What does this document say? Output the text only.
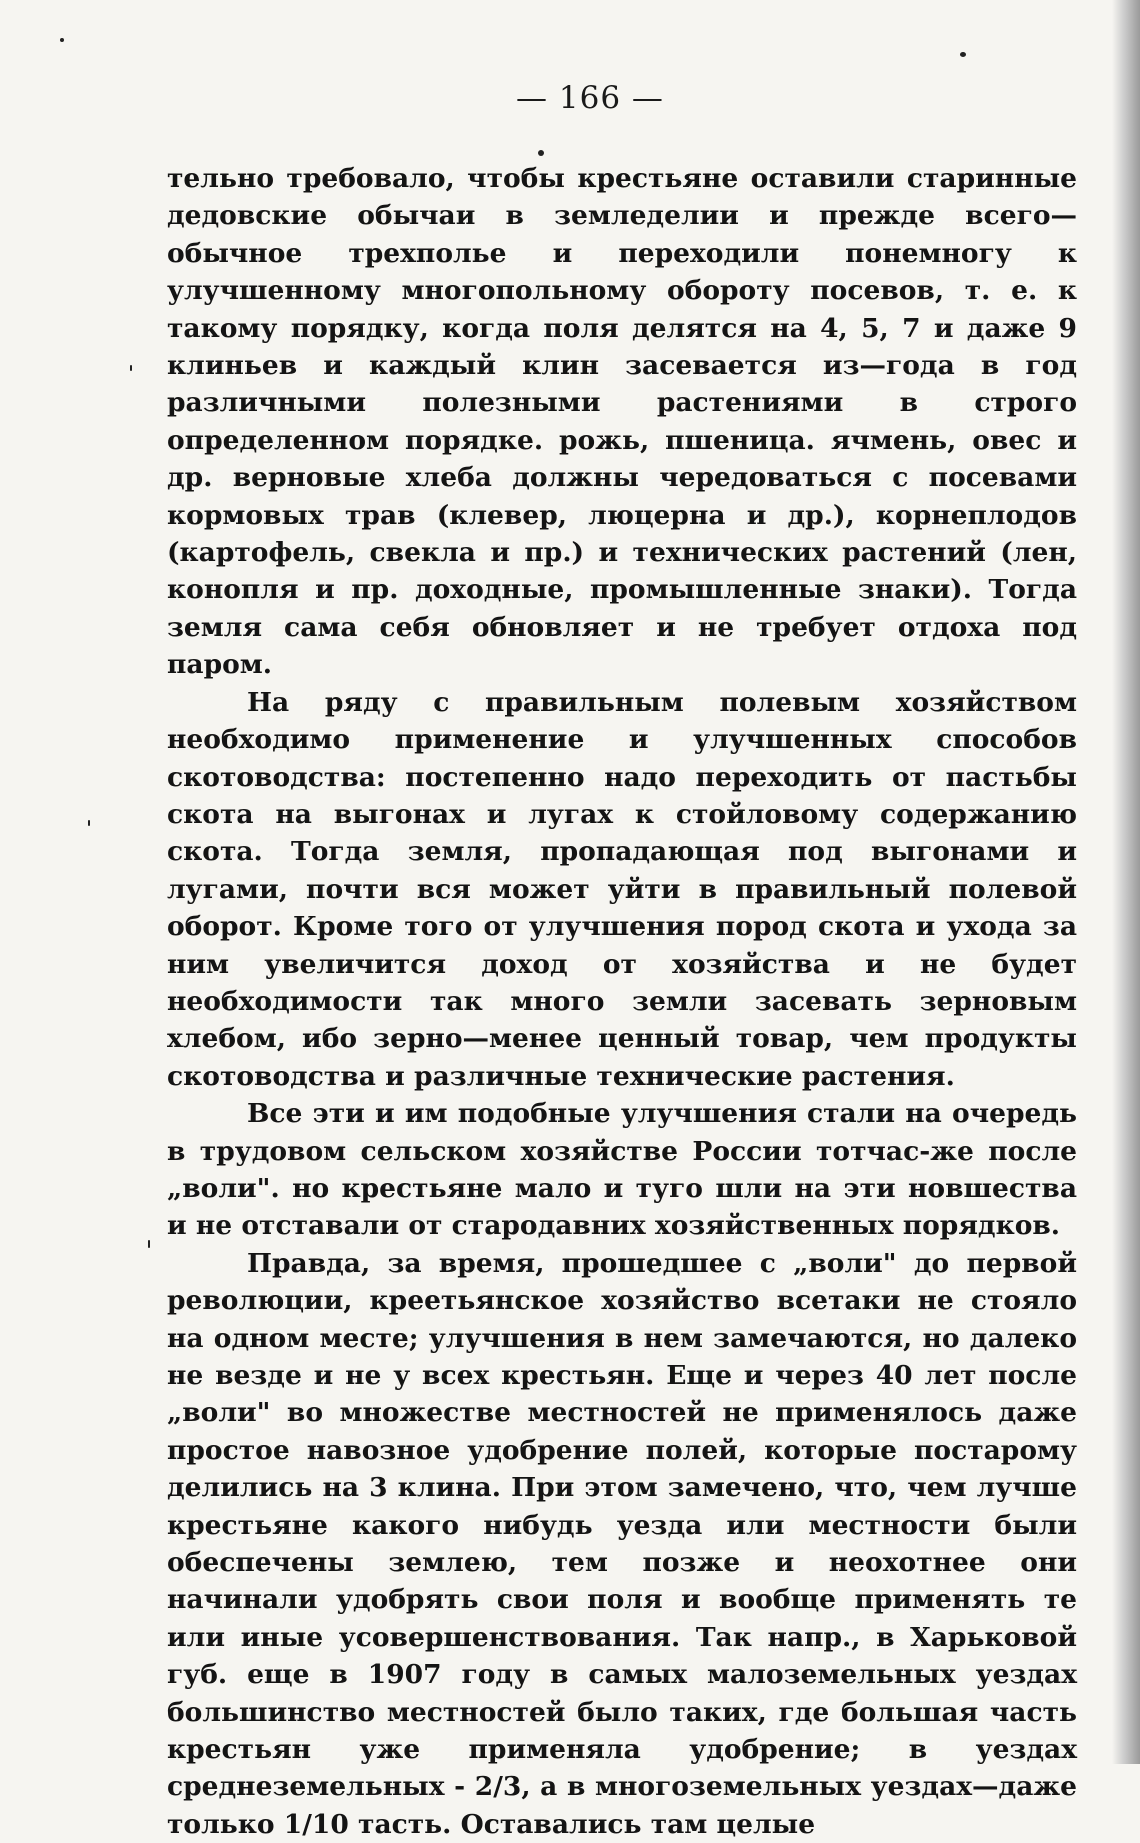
— 166 —

тельно требовало, чтобы крестьяне оставили старинные дедовские обычаи в земледелии и прежде всего—обычное трехполье и переходили понемногу к улучшенному многопольному обороту посевов, т. е. к такому порядку, когда поля делятся на 4, 5, 7 и даже 9 клиньев и каждый клин засевается из—года в год различными полезными растениями в строго определенном порядке. рожь, пшеница. ячмень, овес и др. верновые хлеба должны чередоваться с посевами кормовых трав (клевер, люцерна и др.), корнеплодов (картофель, свекла и пр.) и технических растений (лен, конопля и пр. доходные, промышленные знаки). Тогда земля сама себя обновляет и не требует отдоха под паром.

На ряду с правильным полевым хозяйством необходимо применение и улучшенных способов скотоводства: постепенно надо переходить от пастьбы скота на выгонах и лугах к стойловому содержанию скота. Тогда земля, пропадающая под выгонами и лугами, почти вся может уйти в правильный полевой оборот. Кроме того от улучшения пород скота и ухода за ним увеличится доход от хозяйства и не будет необходимости так много земли засевать зерновым хлебом, ибо зерно—менее ценный товар, чем продукты скотоводства и различные технические растения.

Все эти и им подобные улучшения стали на очередь в трудовом сельском хозяйстве России тотчас-же после „воли". но крестьяне мало и туго шли на эти новшества и не отставали от стародавних хозяйственных порядков.

Правда, за время, прошедшее с „воли" до первой революции, креетьянское хозяйство всетаки не стояло на одном месте; улучшения в нем замечаются, но далеко не везде и не у всех крестьян. Еще и через 40 лет после „воли" во множестве местностей не применялось даже простое навозное удобрение полей, которые постарому делились на 3 клина. При этом замечено, что, чем лучше крестьяне какого нибудь уезда или местности были обеспечены землею, тем позже и неохотнее они начинали удобрять свои поля и вообще применять те или иные усовершенствования. Так напр., в Харьковой губ. еще в 1907 году в самых малоземельных уездах большинство местностей было таких, где большая часть крестьян уже применяла удобрение; в уездах среднеземельных - 2/3, а в многоземельных уездах—даже только 1/10 тасть. Оставались там целые
